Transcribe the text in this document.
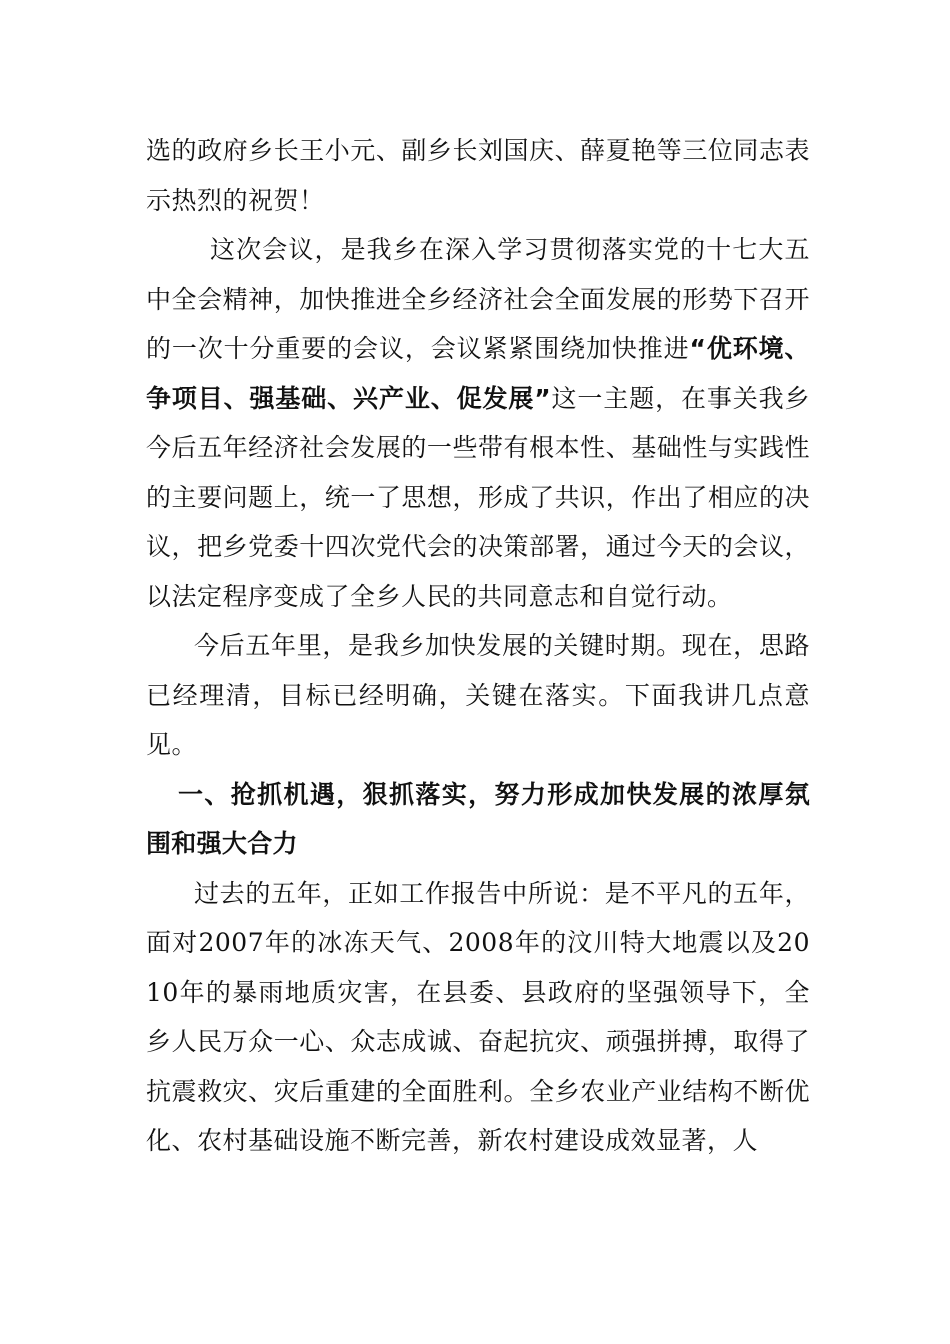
选的政府乡长王小元、副乡长刘国庆、薛夏艳等三位同志表示热烈的祝贺！

这次会议，是我乡在深入学习贯彻落实党的十七大五中全会精神，加快推进全乡经济社会全面发展的形势下召开的一次十分重要的会议，会议紧紧围绕加快推进“优环境、争项目、强基础、兴产业、促发展”这一主题，在事关我乡今后五年经济社会发展的一些带有根本性、基础性与实践性的主要问题上，统一了思想，形成了共识，作出了相应的决议，把乡党委十四次党代会的决策部署，通过今天的会议，以法定程序变成了全乡人民的共同意志和自觉行动。

今后五年里，是我乡加快发展的关键时期。现在，思路已经理清，目标已经明确，关键在落实。下面我讲几点意见。

一、抢抓机遇，狠抓落实，努力形成加快发展的浓厚氛围和强大合力

过去的五年，正如工作报告中所说：是不平凡的五年，面对2007年的冰冻天气、2008年的汶川特大地震以及2010年的暴雨地质灾害，在县委、县政府的坚强领导下，全乡人民万众一心、众志成诚、奋起抗灾、顽强拼搏，取得了抗震救灾、灾后重建的全面胜利。全乡农业产业结构不断优化、农村基础设施不断完善，新农村建设成效显著，人
